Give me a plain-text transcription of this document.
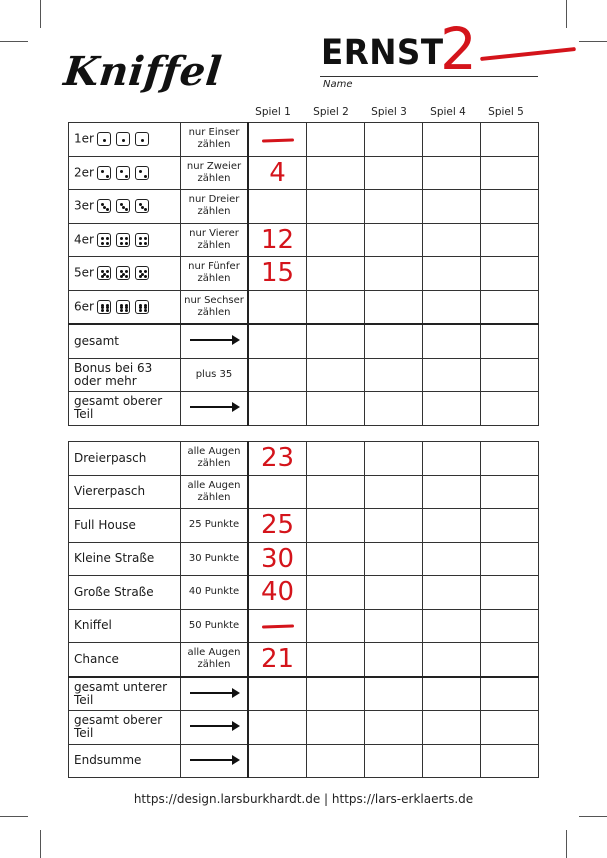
Kniffel	ERNST
Name
2
Spiel 1	Spiel 2	Spiel 3	Spiel 4	Spiel 5
1er	nur Einser zählen					
2er	nur Zweier zählen	4				
3er	nur Dreier zählen					
4er	nur Vierer zählen	12				
5er	nur Fünfer zählen	15				
6er	nur Sechser zählen					
gesamt						
Bonus bei 63 oder mehr	plus 35					
gesamt oberer Teil						
Dreierpasch	alle Augen zählen	23				
Viererpasch	alle Augen zählen					
Full House	25 Punkte	25				
Kleine Straße	30 Punkte	30				
Große Straße	40 Punkte	40				
Kniffel	50 Punkte					
Chance	alle Augen zählen	21				
gesamt unterer Teil						
gesamt oberer Teil						
Endsumme						
https://design.larsburkhardt.de | https://lars-erklaerts.de
